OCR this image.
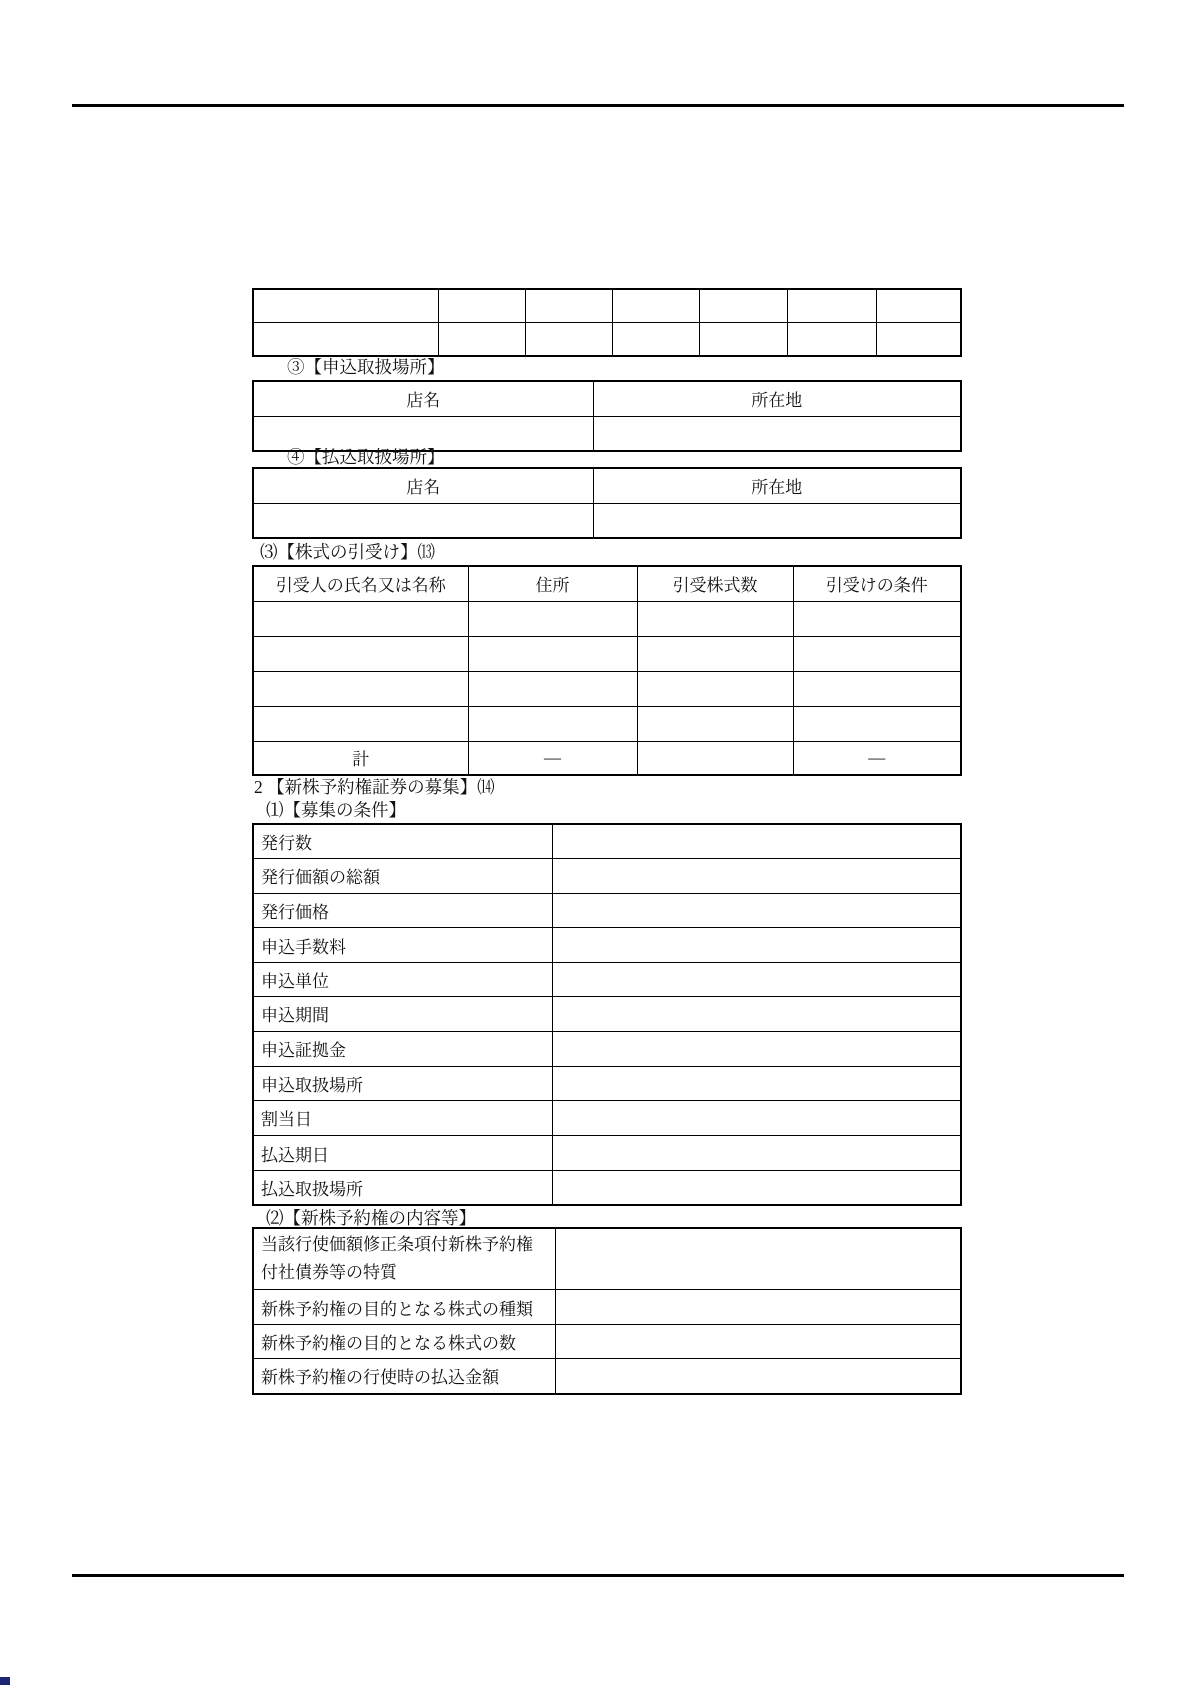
③【申込取扱場所】
店名	所在地

④【払込取扱場所】
店名	所在地

⑶【株式の引受け】⒀
引受人の氏名又は名称	住所	引受株式数	引受けの条件

計	―		―
2 【新株予約権証券の募集】⒁
⑴【募集の条件】
発行数	
発行価額の総額	
発行価格	
申込手数料	
申込単位	
申込期間	
申込証拠金	
申込取扱場所	
割当日	
払込期日	
払込取扱場所	
⑵【新株予約権の内容等】
当該行使価額修正条項付新株予約権付社債券等の特質	
新株予約権の目的となる株式の種類	
新株予約権の目的となる株式の数	
新株予約権の行使時の払込金額	
